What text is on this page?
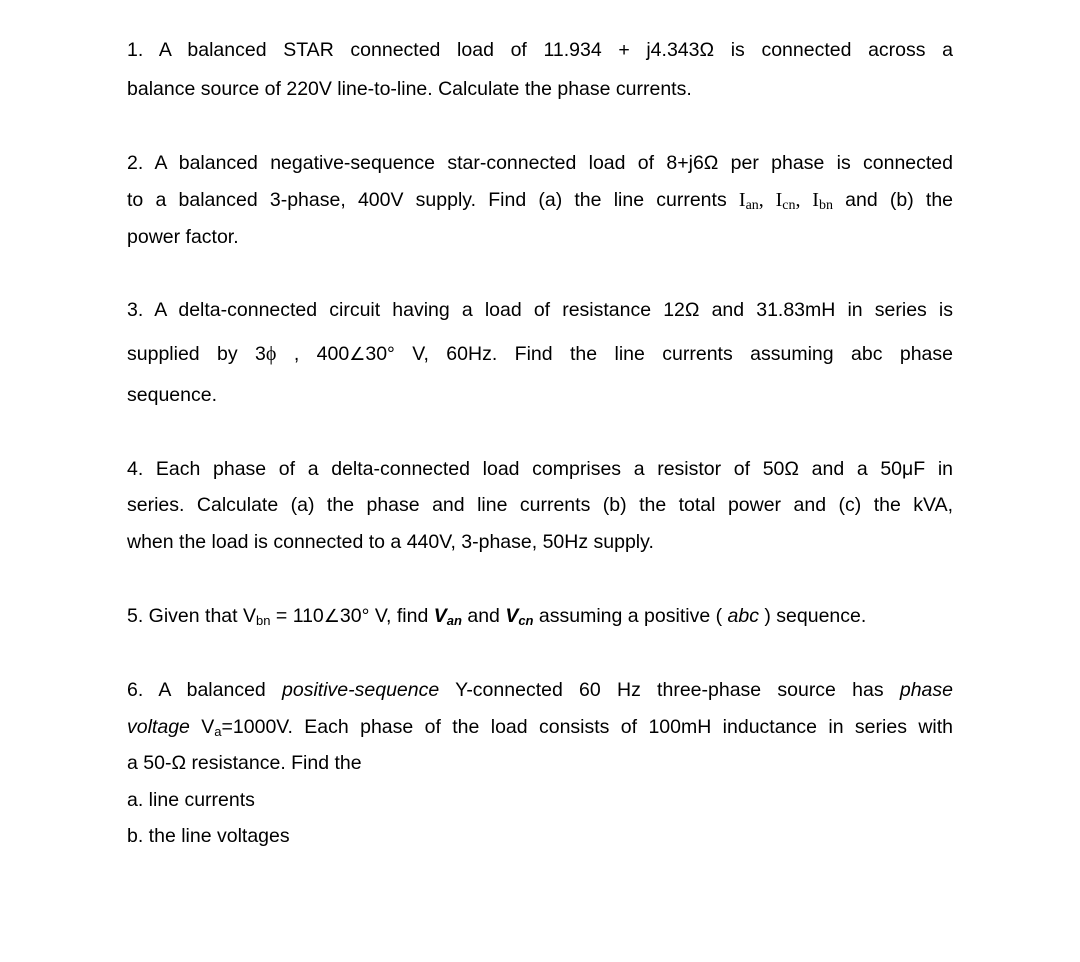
1. A balanced STAR connected load of 11.934 + j4.343Ω is connected across a
balance source of 220V line-to-line. Calculate the phase currents.
2. A balanced negative-sequence star-connected load of 8+j6Ω per phase is connected
to a balanced 3-phase, 400V supply. Find (a) the line currents Ian, Icn, Ibn and (b) the
power factor.
3. A delta-connected circuit having a load of resistance 12Ω and 31.83mH in series is
supplied by 3ϕ , 400∠30° V, 60Hz. Find the line currents assuming abc phase
sequence.
4. Each phase of a delta-connected load comprises a resistor of 50Ω and a 50μF in
series. Calculate (a) the phase and line currents (b) the total power and (c) the kVA,
when the load is connected to a 440V, 3-phase, 50Hz supply.
5. Given that $V_{bn}$ = 110∠30° V, find $V_{an}$ and $V_{cn}$ assuming a positive ( abc ) sequence.
6. A balanced positive-sequence Y-connected 60 Hz three-phase source has phase
voltage $V_a=1000V$. Each phase of the load consists of 100mH inductance in series with
a 50-Ω resistance. Find the
a. line currents
b. the line voltages
